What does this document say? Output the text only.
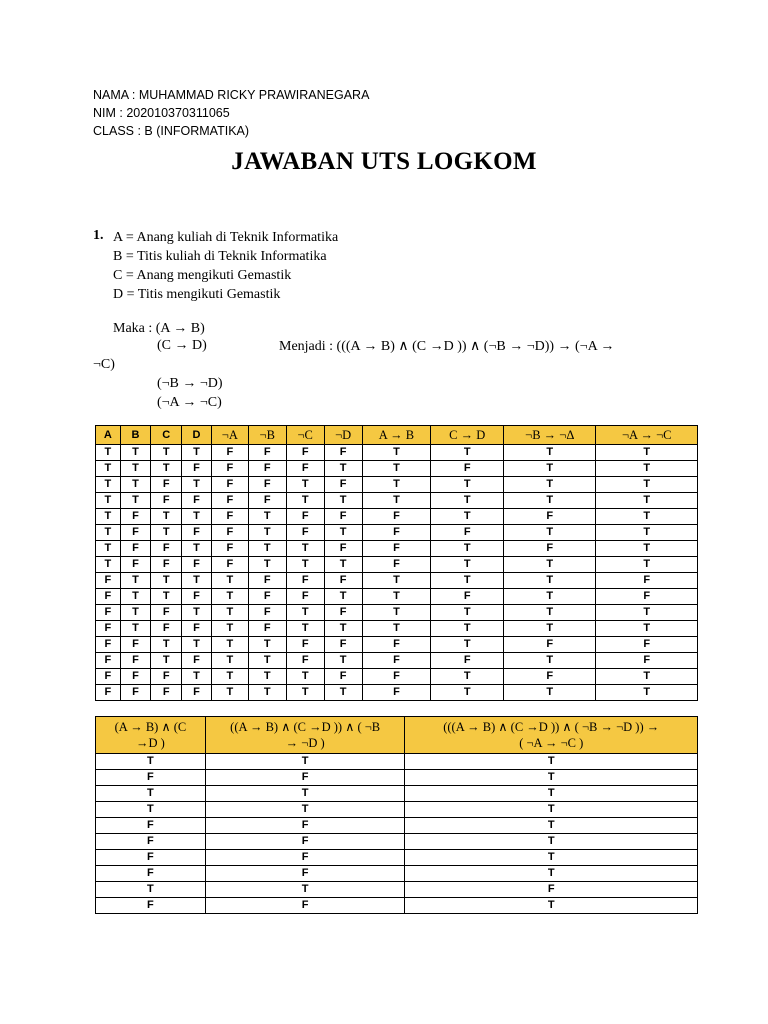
NAMA : MUHAMMAD RICKY PRAWIRANEGARA
NIM : 202010370311065
CLASS : B (INFORMATIKA)
JAWABAN UTS LOGKOM
1. A = Anang kuliah di Teknik Informatika
B = Titis kuliah di Teknik Informatika
C = Anang mengikuti Gemastik
D = Titis mengikuti Gemastik
Maka : (A → B)
(C → D)	Menjadi : (((A → B) ∧ (C →D )) ∧ (¬B → ¬D)) → (¬A →
¬C)
(¬B → ¬D)
(¬A → ¬C)
A	B	C	D	¬A	¬B	¬C	¬D	A → B	C → D	¬B → ¬Δ	¬A → ¬C
T	T	T	T	F	F	F	F	T	T	T	T
T	T	T	F	F	F	F	T	T	F	T	T
T	T	F	T	F	F	T	F	T	T	T	T
T	T	F	F	F	F	T	T	T	T	T	T
T	F	T	T	F	T	F	F	F	T	F	T
T	F	T	F	F	T	F	T	F	F	T	T
T	F	F	T	F	T	T	F	F	T	F	T
T	F	F	F	F	T	T	T	F	T	T	T
F	T	T	T	T	F	F	F	T	T	T	F
F	T	T	F	T	F	F	T	T	F	T	F
F	T	F	T	T	F	T	F	T	T	T	T
F	T	F	F	T	F	T	T	T	T	T	T
F	F	T	T	T	T	F	F	F	T	F	F
F	F	T	F	T	T	F	T	F	F	T	F
F	F	F	T	T	T	T	F	F	T	F	T
F	F	F	F	T	T	T	T	F	T	T	T
(A → B) ∧ (C
→D )	((A → B) ∧ (C →D )) ∧ ( ¬B
→ ¬D )	(((A → B) ∧ (C →D )) ∧ ( ¬B → ¬D )) →
( ¬A → ¬C )
T	T	T
F	F	T
T	T	T
T	T	T
F	F	T
F	F	T
F	F	T
F	F	T
T	T	F
F	F	T
